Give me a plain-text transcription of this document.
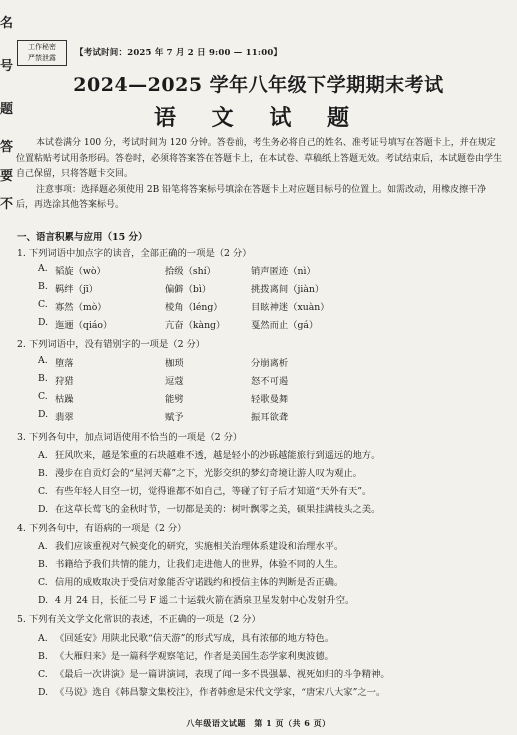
名
号
题
答
要
不
工作秘密
严禁泄露	【考试时间：2025 年 7 月 2 日 9:00 — 11:00】
2024—2025 学年八年级下学期期末考试
语 文 试 题

本试卷满分 100 分，考试时间为 120 分钟。答卷前，考生务必将自己的姓名、准考证号填写在答题卡上，并在规定位置粘贴考试用条形码。答卷时，必须将答案答在答题卡上，在本试卷、草稿纸上答题无效。考试结束后，本试题卷由学生自己保留，只将答题卡交回。

注意事项：选择题必须使用 2B 铅笔将答案标号填涂在答题卡上对应题目标号的位置上。如需改动，用橡皮擦干净后，再选涂其他答案标号。

一、语言积累与应用（15 分）
1. 下列词语中加点字的读音，全部正确的一项是（2 分）
A. 韬旋（wò）	拾级（shí）	销声匿迹（nì）
B. 羁绊（jī）	偏僻（bì）	挑拨离间（jiàn）
C. 寡然（mò）	棱角（léng）	目眩神迷（xuàn）
D. 迤逦（qiáo）	亢奋（kàng）	戛然而止（gá）
2. 下列词语中，没有错别字的一项是（2 分）
A. 堕落	枷琐	分崩离析
B. 狩猎	逗蔻	怒不可遏
C. 枯躁	能劈	轻歌曼舞
D. 翡翠	赋予	振耳欲聋
3. 下列各句中，加点词语使用不恰当的一项是（2 分）
A. 狂风吹来，越是笨重的石块越难不透，越是轻小的沙砾越能旅行到遥远的地方。
B. 漫步在自贡灯会的“星河天幕”之下，光影交织的梦幻奇境让游人叹为观止。
C. 有些年轻人目空一切，觉得谁都不如自己，等碰了钉子后才知道“天外有天”。
D. 在这草长莺飞的金秋时节，一切都是美的：树叶飘零之美，硕果挂满枝头之美。
4. 下列各句中，有语病的一项是（2 分）
A. 我们应该重视对气候变化的研究，实施相关治理体系建设和治理水平。
B. 书籍给予我们共情的能力，让我们走进他人的世界，体验不同的人生。
C. 信用的成败取决于受信对象能否守诺践约和授信主体的判断是否正确。
D. 4 月 24 日，长征二号 F 遥二十运载火箭在酒泉卫星发射中心发射升空。
5. 下列有关文学文化常识的表述，不正确的一项是（2 分）
A. 《回延安》用陕北民歌“信天游”的形式写成，具有浓郁的地方特色。
B. 《大雁归来》是一篇科学观察笔记，作者是美国生态学家利奥波德。
C. 《最后一次讲演》是一篇讲演词，表现了闻一多不畏强暴、视死如归的斗争精神。
D. 《马说》选自《韩昌黎文集校注》，作者韩愈是宋代文学家，“唐宋八大家”之一。
八年级语文试题　第 1 页（共 6 页）
